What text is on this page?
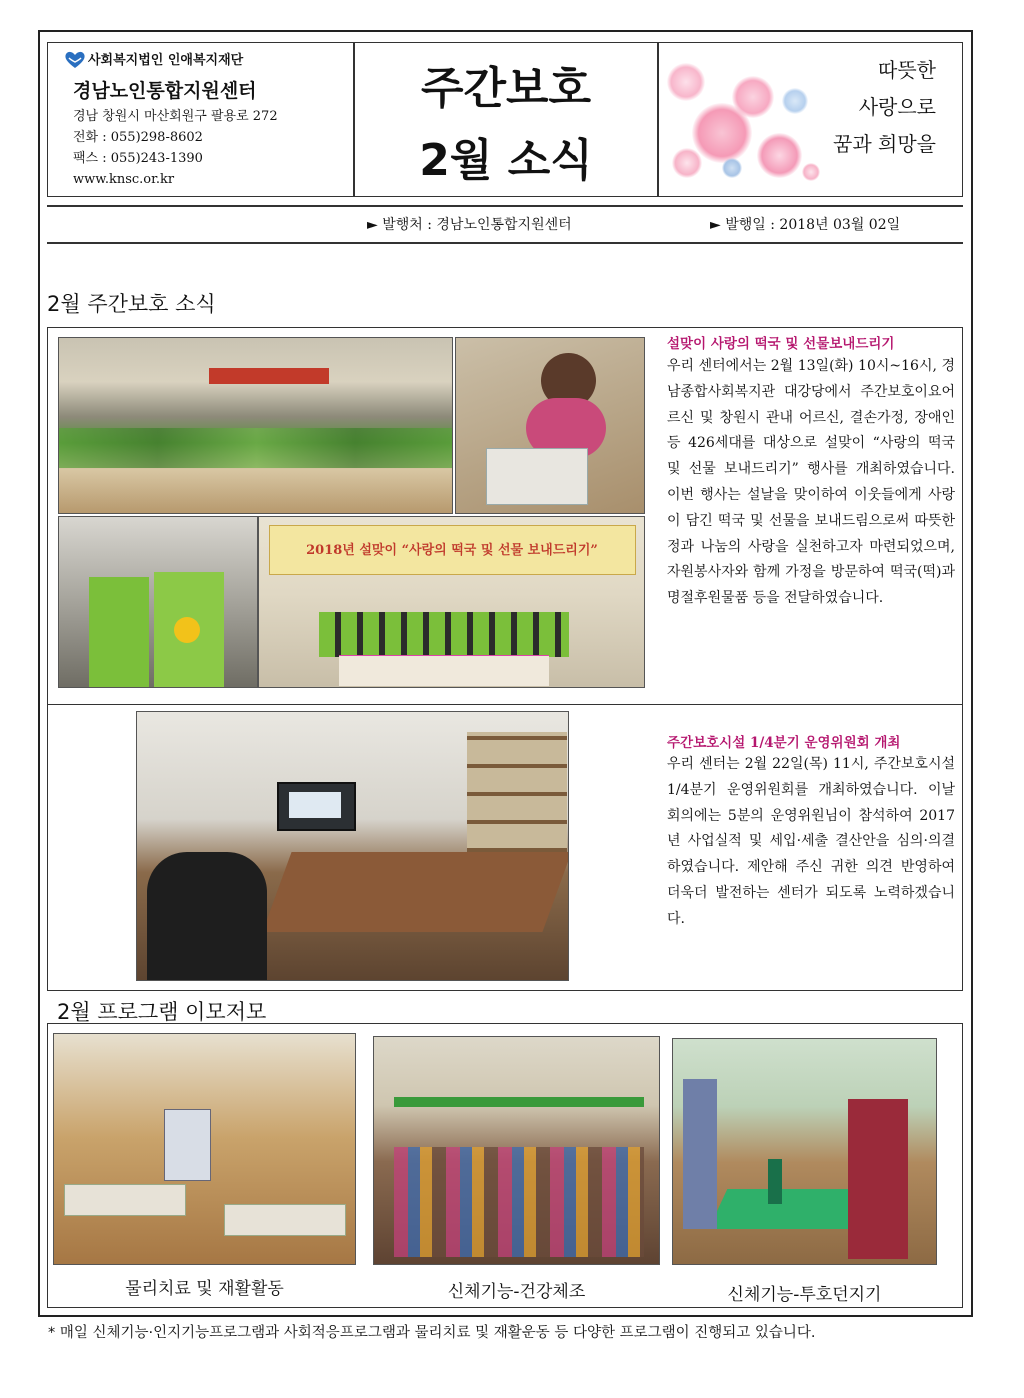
사회복지법인 인애복지재단
경남노인통합지원센터
경남 창원시 마산회원구 팔용로 272
전화 : 055)298-8602
팩스 : 055)243-1390
www.knsc.or.kr
주간보호
2월 소식
따뜻한
사랑으로
꿈과 희망을
► 발행처 : 경남노인통합지원센터	► 발행일 : 2018년 03월 02일
2월 주간보호 소식
2018년 설맞이 “사랑의 떡국 및 선물 보내드리기”
설맞이 사랑의 떡국 및 선물보내드리기
우리 센터에서는 2월 13일(화) 10시~16시, 경남종합사회복지관 대강당에서 주간보호이요어르신 및 창원시 관내 어르신, 결손가정, 장애인 등 426세대를 대상으로 설맞이 “사랑의 떡국 및 선물 보내드리기” 행사를 개최하였습니다. 이번 행사는 설날을 맞이하여 이웃들에게 사랑이 담긴 떡국 및 선물을 보내드림으로써 따뜻한 정과 나눔의 사랑을 실천하고자 마련되었으며, 자원봉사자와 함께 가정을 방문하여 떡국(떡)과 명절후원물품 등을 전달하였습니다.
주간보호시설 1/4분기 운영위원회 개최
우리 센터는 2월 22일(목) 11시, 주간보호시설 1/4분기 운영위원회를 개최하였습니다. 이날 회의에는 5분의 운영위원님이 참석하여 2017년 사업실적 및 세입·세출 결산안을 심의·의결하였습니다. 제안해 주신 귀한 의견 반영하여 더욱더 발전하는 센터가 되도록 노력하겠습니다.
2월 프로그램 이모저모
물리치료 및 재활활동	신체기능-건강체조	신체기능-투호던지기
* 매일 신체기능·인지기능프로그램과 사회적응프로그램과 물리치료 및 재활운동 등 다양한 프로그램이 진행되고 있습니다.
